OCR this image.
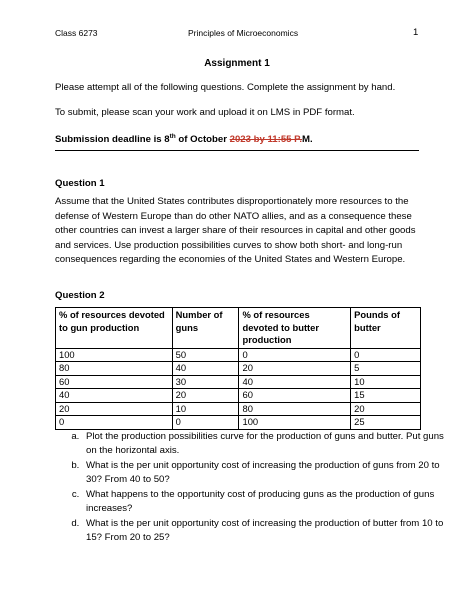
Class 6273	Principles of Microeconomics	1
Assignment 1
Please attempt all of the following questions. Complete the assignment by hand.
To submit, please scan your work and upload it on LMS in PDF format.
Submission deadline is 8th of October 2023 by 11:55 P.M.
Question 1
Assume that the United States contributes disproportionately more resources to the defense of Western Europe than do other NATO allies, and as a consequence these other countries can invest a larger share of their resources in capital and other goods and services. Use production possibilities curves to show both short- and long-run consequences regarding the economies of the United States and Western Europe.
Question 2
% of resources devoted to gun production	Number of guns	% of resources devoted to butter production	Pounds of butter
100	50	0	0
80	40	20	5
60	30	40	10
40	20	60	15
20	10	80	20
0	0	100	25
a. Plot the production possibilities curve for the production of guns and butter. Put guns on the horizontal axis.
b. What is the per unit opportunity cost of increasing the production of guns from 20 to 30? From 40 to 50?
c. What happens to the opportunity cost of producing guns as the production of guns increases?
d. What is the per unit opportunity cost of increasing the production of butter from 10 to 15? From 20 to 25?
